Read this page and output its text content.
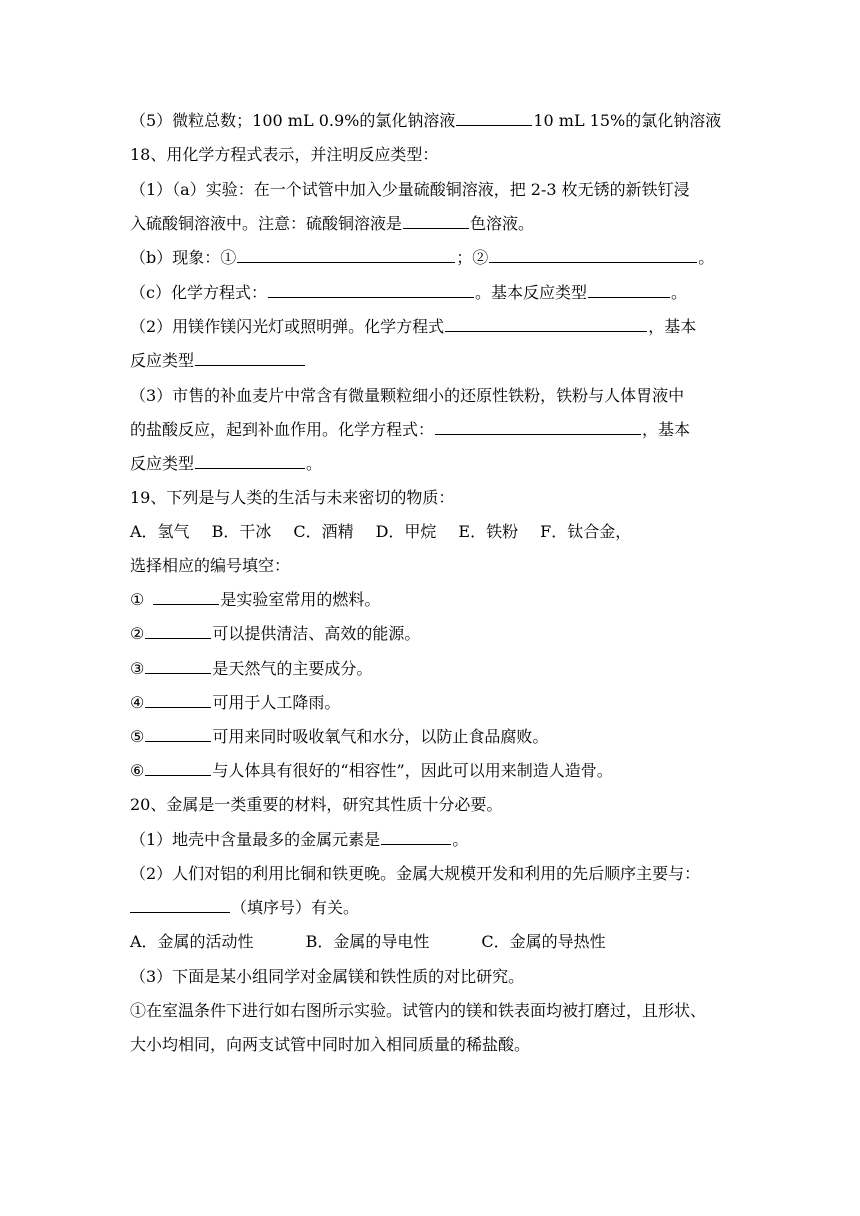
（5）微粒总数；100 mL 0.9%的氯化钠溶液	10 mL 15%的氯化钠溶液
18、用化学方程式表示，并注明反应类型：
（1）（a）实验：在一个试管中加入少量硫酸铜溶液，把 2-3 枚无锈的新铁钉浸
入硫酸铜溶液中。注意：硫酸铜溶液是	色溶液。
（b）现象：①	；②	。
（c）化学方程式：	。基本反应类型	。
（2）用镁作镁闪光灯或照明弹。化学方程式	，基本
反应类型
（3）市售的补血麦片中常含有微量颗粒细小的还原性铁粉，铁粉与人体胃液中
的盐酸反应，起到补血作用。化学方程式：	，基本
反应类型	。
19、下列是与人类的生活与未来密切的物质：
A．氢气 B．干冰 C．酒精 D．甲烷 E．铁粉 F．钛合金，
选择相应的编号填空：
①	是实验室常用的燃料。
②	可以提供清洁、高效的能源。
③	是天然气的主要成分。
④	可用于人工降雨。
⑤	可用来同时吸收氧气和水分，以防止食品腐败。
⑥	与人体具有很好的“相容性”，因此可以用来制造人造骨。
20、金属是一类重要的材料，研究其性质十分必要。
（1）地壳中含量最多的金属元素是	。
（2）人们对铝的利用比铜和铁更晚。金属大规模开发和利用的先后顺序主要与：
（填序号）有关。
A．金属的活动性	B．金属的导电性	C．金属的导热性
（3）下面是某小组同学对金属镁和铁性质的对比研究。
①在室温条件下进行如右图所示实验。试管内的镁和铁表面均被打磨过，且形状、
大小均相同，向两支试管中同时加入相同质量的稀盐酸。
